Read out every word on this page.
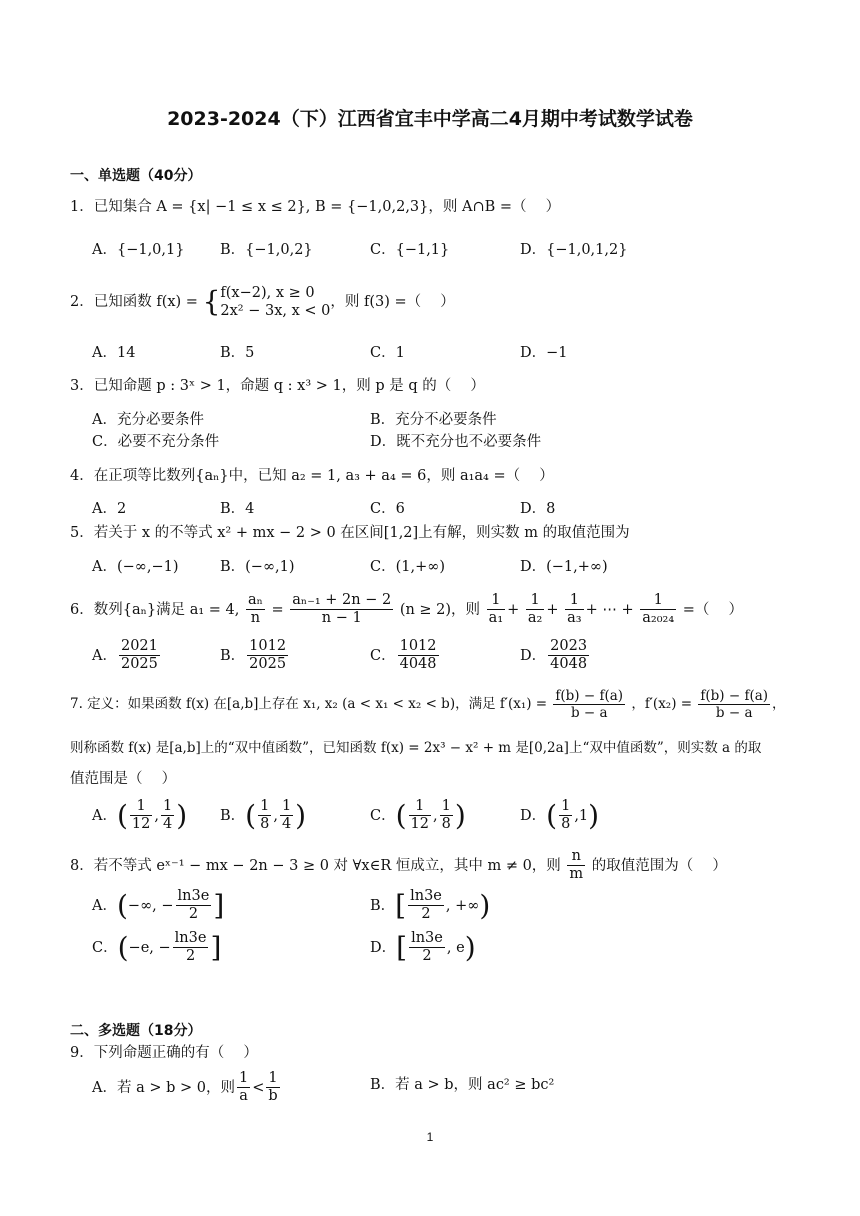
2023-2024（下）江西省宜丰中学高二4月期中考试数学试卷
一、单选题（40分）
1．已知集合 A = {x| −1 ≤ x ≤ 2}, B = {−1,0,2,3}，则 A∩B =（　 ）
A．{−1,0,1} B．{−1,0,2}	C．{−1,1}	D．{−1,0,1,2}
2．已知函数 f(x) = { f(x−2), x ≥ 0
2x² − 3x, x < 0
，则 f(3) =（　 ）
A．14	B．5	C．1	D．−1
3．已知命题 p : 3ˣ > 1，命题 q : x³ > 1，则 p 是 q 的（　 ）
A．充分必要条件	B．充分不必要条件
C．必要不充分条件	D．既不充分也不必要条件
4．在正项等比数列{aₙ}中，已知 a₂ = 1, a₃ + a₄ = 6，则 a₁a₄ =（　 ）
A．2	B．4	C．6	D．8
5．若关于 x 的不等式 x² + mx − 2 > 0 在区间[1,2]上有解，则实数 m 的取值范围为
A．(−∞,−1)	B．(−∞,1)	C．(1,+∞)	D．(−1,+∞)
6．数列{aₙ}满足 a₁ = 4, $\frac{\text{aₙ}}{n} = \frac{\text{aₙ₋₁ + 2n − 2}}{n - 1} (n \ge 2)$，则 $\frac{1}{\text{a₁}} + \frac{1}{\text{a₂}} + \frac{1}{\text{a₃}}$ + ⋯ + $\frac{1}{\text{a₂₀₂₄}}$ =（　 ）
A． $\frac{2021}{2025}$	B． $\frac{1012}{2025}$	C． $\frac{1012}{4048}$	D． $\frac{2023}{4048}$
7. 定义：如果函数 f(x) 在[a,b]上存在 x₁, x₂ (a < x₁ < x₂ < b)，满足 $f'(x_1) = \frac{f(b) - f(a)}{b - a}$ ，$f'(x_2) = \frac{f(b) - f(a)}{b - a}$ ，
则称函数 f(x) 是[a,b]上的“双中值函数”，已知函数 f(x) = 2x³ − x² + m 是[0,2a]上“双中值函数”，则实数 a 的取
值范围是（　 ）
A．( $\frac{1}{12}$ , $\frac{1}{4}$ ) B．( $\frac{1}{8}$ , $\frac{1}{4}$ )	C．( $\frac{1}{12}$ , $\frac{1}{8}$ )	D．( $\frac{1}{8} ,1$)
8．若不等式 eˣ⁻¹ − mx − 2n − 3 ≥ 0 对 ∀x∈R 恒成立，其中 m ≠ 0，则 $\frac{n}{m}$ 的取值范围为（　 ）
A．(−∞, − $\frac{\ln 3e}{2}$ ]	B．[ $\frac{\ln 3e}{2}$ , +∞)
C．(−e, − $\frac{\ln 3e}{2}$ ]	D．[ $\frac{\ln 3e}{2}$ , e)
二、多选题（18分）
9．下列命题正确的有（　 ）
A．若 a > b > 0，则 $\frac{1}{a} < \frac{1}{b}$	B．若 a > b，则 ac² ≥ bc²
1
